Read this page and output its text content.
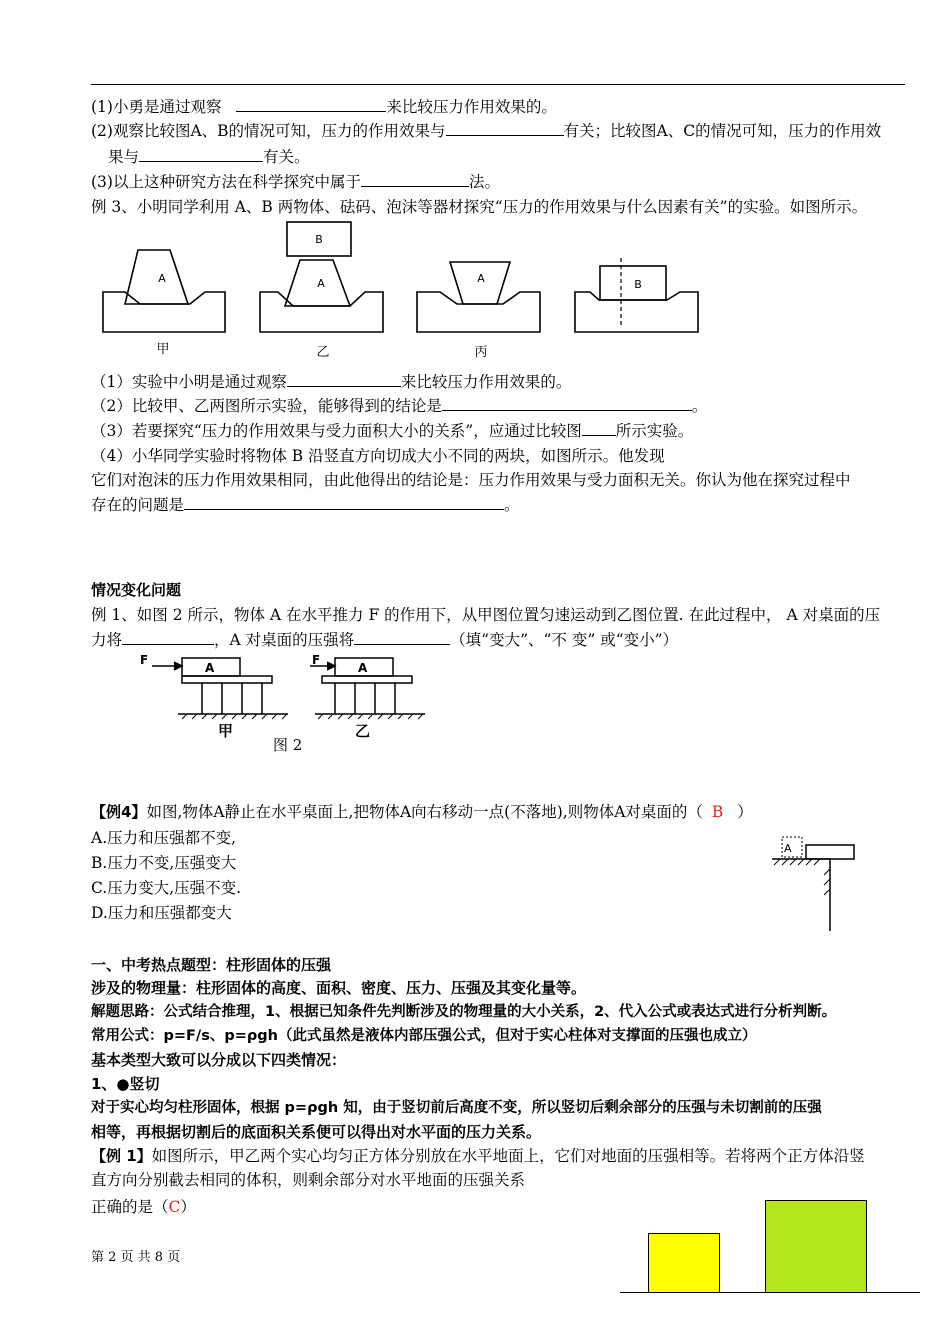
(1)小勇是通过观察	来比较压力作用效果的。
(2)观察比较图A、B的情况可知，压力的作用效果与	有关；比较图A、C的情况可知，压力的作用效
果与	有关。
(3)以上这种研究方法在科学探究中属于	法。
例 3、小明同学利用 A、B 两物体、砝码、泡沫等器材探究“压力的作用效果与什么因素有关”的实验。如图所示。
A
B
A	A	B
甲	乙	丙
（1）实验中小明是通过观察	来比较压力作用效果的。
（2）比较甲、乙两图所示实验，能够得到的结论是	。
（3）若要探究“压力的作用效果与受力面积大小的关系”，应通过比较图 所示实验。
（4）小华同学实验时将物体 B 沿竖直方向切成大小不同的两块，如图所示。他发现
它们对泡沫的压力作用效果相同，由此他得出的结论是：压力作用效果与受力面积无关。你认为他在探究过程中
存在的问题是	。
情况变化问题
例 1、如图 2 所示，物体 A 在水平推力 F 的作用下，从甲图位置匀速运动到乙图位置. 在此过程中， A 对桌面的压
力将	，A 对桌面的压强将	（填“变大”、“不 变” 或“变小”）
F
A
F
A
甲	乙
图 2
【例4】如图,物体A静止在水平桌面上,把物体A向右移动一点(不落地),则物体A对桌面的（ B ）
A.压力和压强都不变,
B.压力不变,压强变大
C.压力变大,压强不变.
D.压力和压强都变大
A
一、中考热点题型：柱形固体的压强
涉及的物理量：柱形固体的高度、面积、密度、压力、压强及其变化量等。
解题思路：公式结合推理，1、根据已知条件先判断涉及的物理量的大小关系，2、代入公式或表达式进行分析判断。
常用公式：p=F/s、p=ρgh（此式虽然是液体内部压强公式，但对于实心柱体对支撑面的压强也成立）
基本类型大致可以分成以下四类情况：
1、●竖切
对于实心均匀柱形固体，根据 p=ρgh 知，由于竖切前后高度不变，所以竖切后剩余部分的压强与未切割前的压强
相等，再根据切割后的底面积关系便可以得出对水平面的压力关系。
【例 1】如图所示，甲乙两个实心均匀正方体分别放在水平地面上，它们对地面的压强相等。若将两个正方体沿竖
直方向分别截去相同的体积，则剩余部分对水平地面的压强关系
正确的是（C）
第 2 页 共 8 页
